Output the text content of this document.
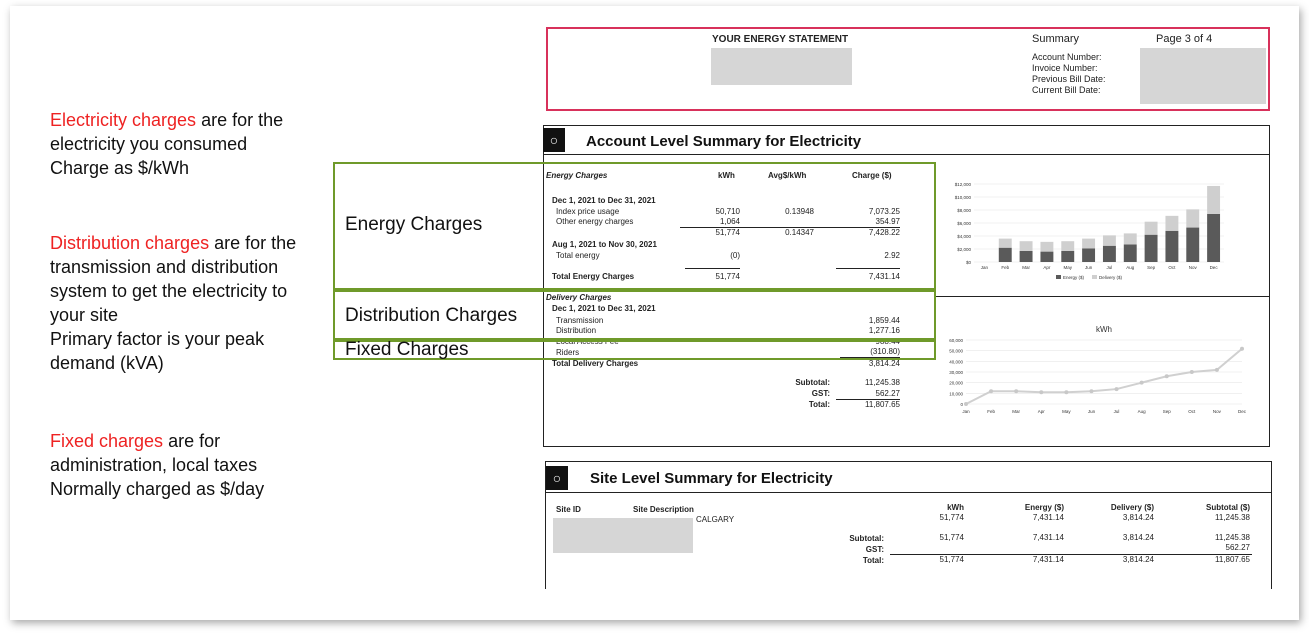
Electricity charges are for the electricity you consumed
Charge as $/kWh
Distribution charges are for the transmission and distribution system to get the electricity to your site
Primary factor is your peak demand (kVA)
Fixed charges are for administration, local taxes
Normally charged as $/day
YOUR ENERGY STATEMENT	Summary	Page 3 of 4
Account Number:
Invoice Number:
Previous Bill Date:
Current Bill Date:
○	Account Level Summary for Electricity
Energy Charges	kWh	Avg$/kWh	Charge ($)
Dec 1, 2021 to Dec 31, 2021
Index price usage	50,710	0.13948	7,073.25
Other energy charges	1,064	354.97
51,774	0.14347	7,428.22
Aug 1, 2021 to Nov 30, 2021
Total energy	(0)	2.92
Total Energy Charges	51,774	7,431.14
Delivery Charges
Dec 1, 2021 to Dec 31, 2021
Transmission	1,859.44
Distribution	1,277.16
Local Access Fee	988.44
Riders	(310.80)
Total Delivery Charges	3,814.24
Subtotal:	11,245.38
GST:	562.27
Total:	11,807.65
$0
$2,000
$4,000
$6,000
$8,000
$10,000
$12,000
Jan	Feb	Mar	Apr	May	Jun	Jul	Aug	Sep	Oct	Nov	Dec
Energy ($)	Delivery ($)
kWh
0
10,000
20,000
30,000
40,000
50,000
60,000
Jan	Feb	Mar	Apr	May	Jun	Jul	Aug	Sep	Oct	Nov	Dec
Energy Charges
Distribution Charges
Fixed Charges
○	Site Level Summary for Electricity
Site ID	Site Description	kWh	Energy ($)	Delivery ($)	Subtotal ($)
CALGARY	51,774	7,431.14	3,814.24	11,245.38
Subtotal:	51,774	7,431.14	3,814.24	11,245.38
GST:	562.27
Total:	51,774	7,431.14	3,814.24	11,807.65
